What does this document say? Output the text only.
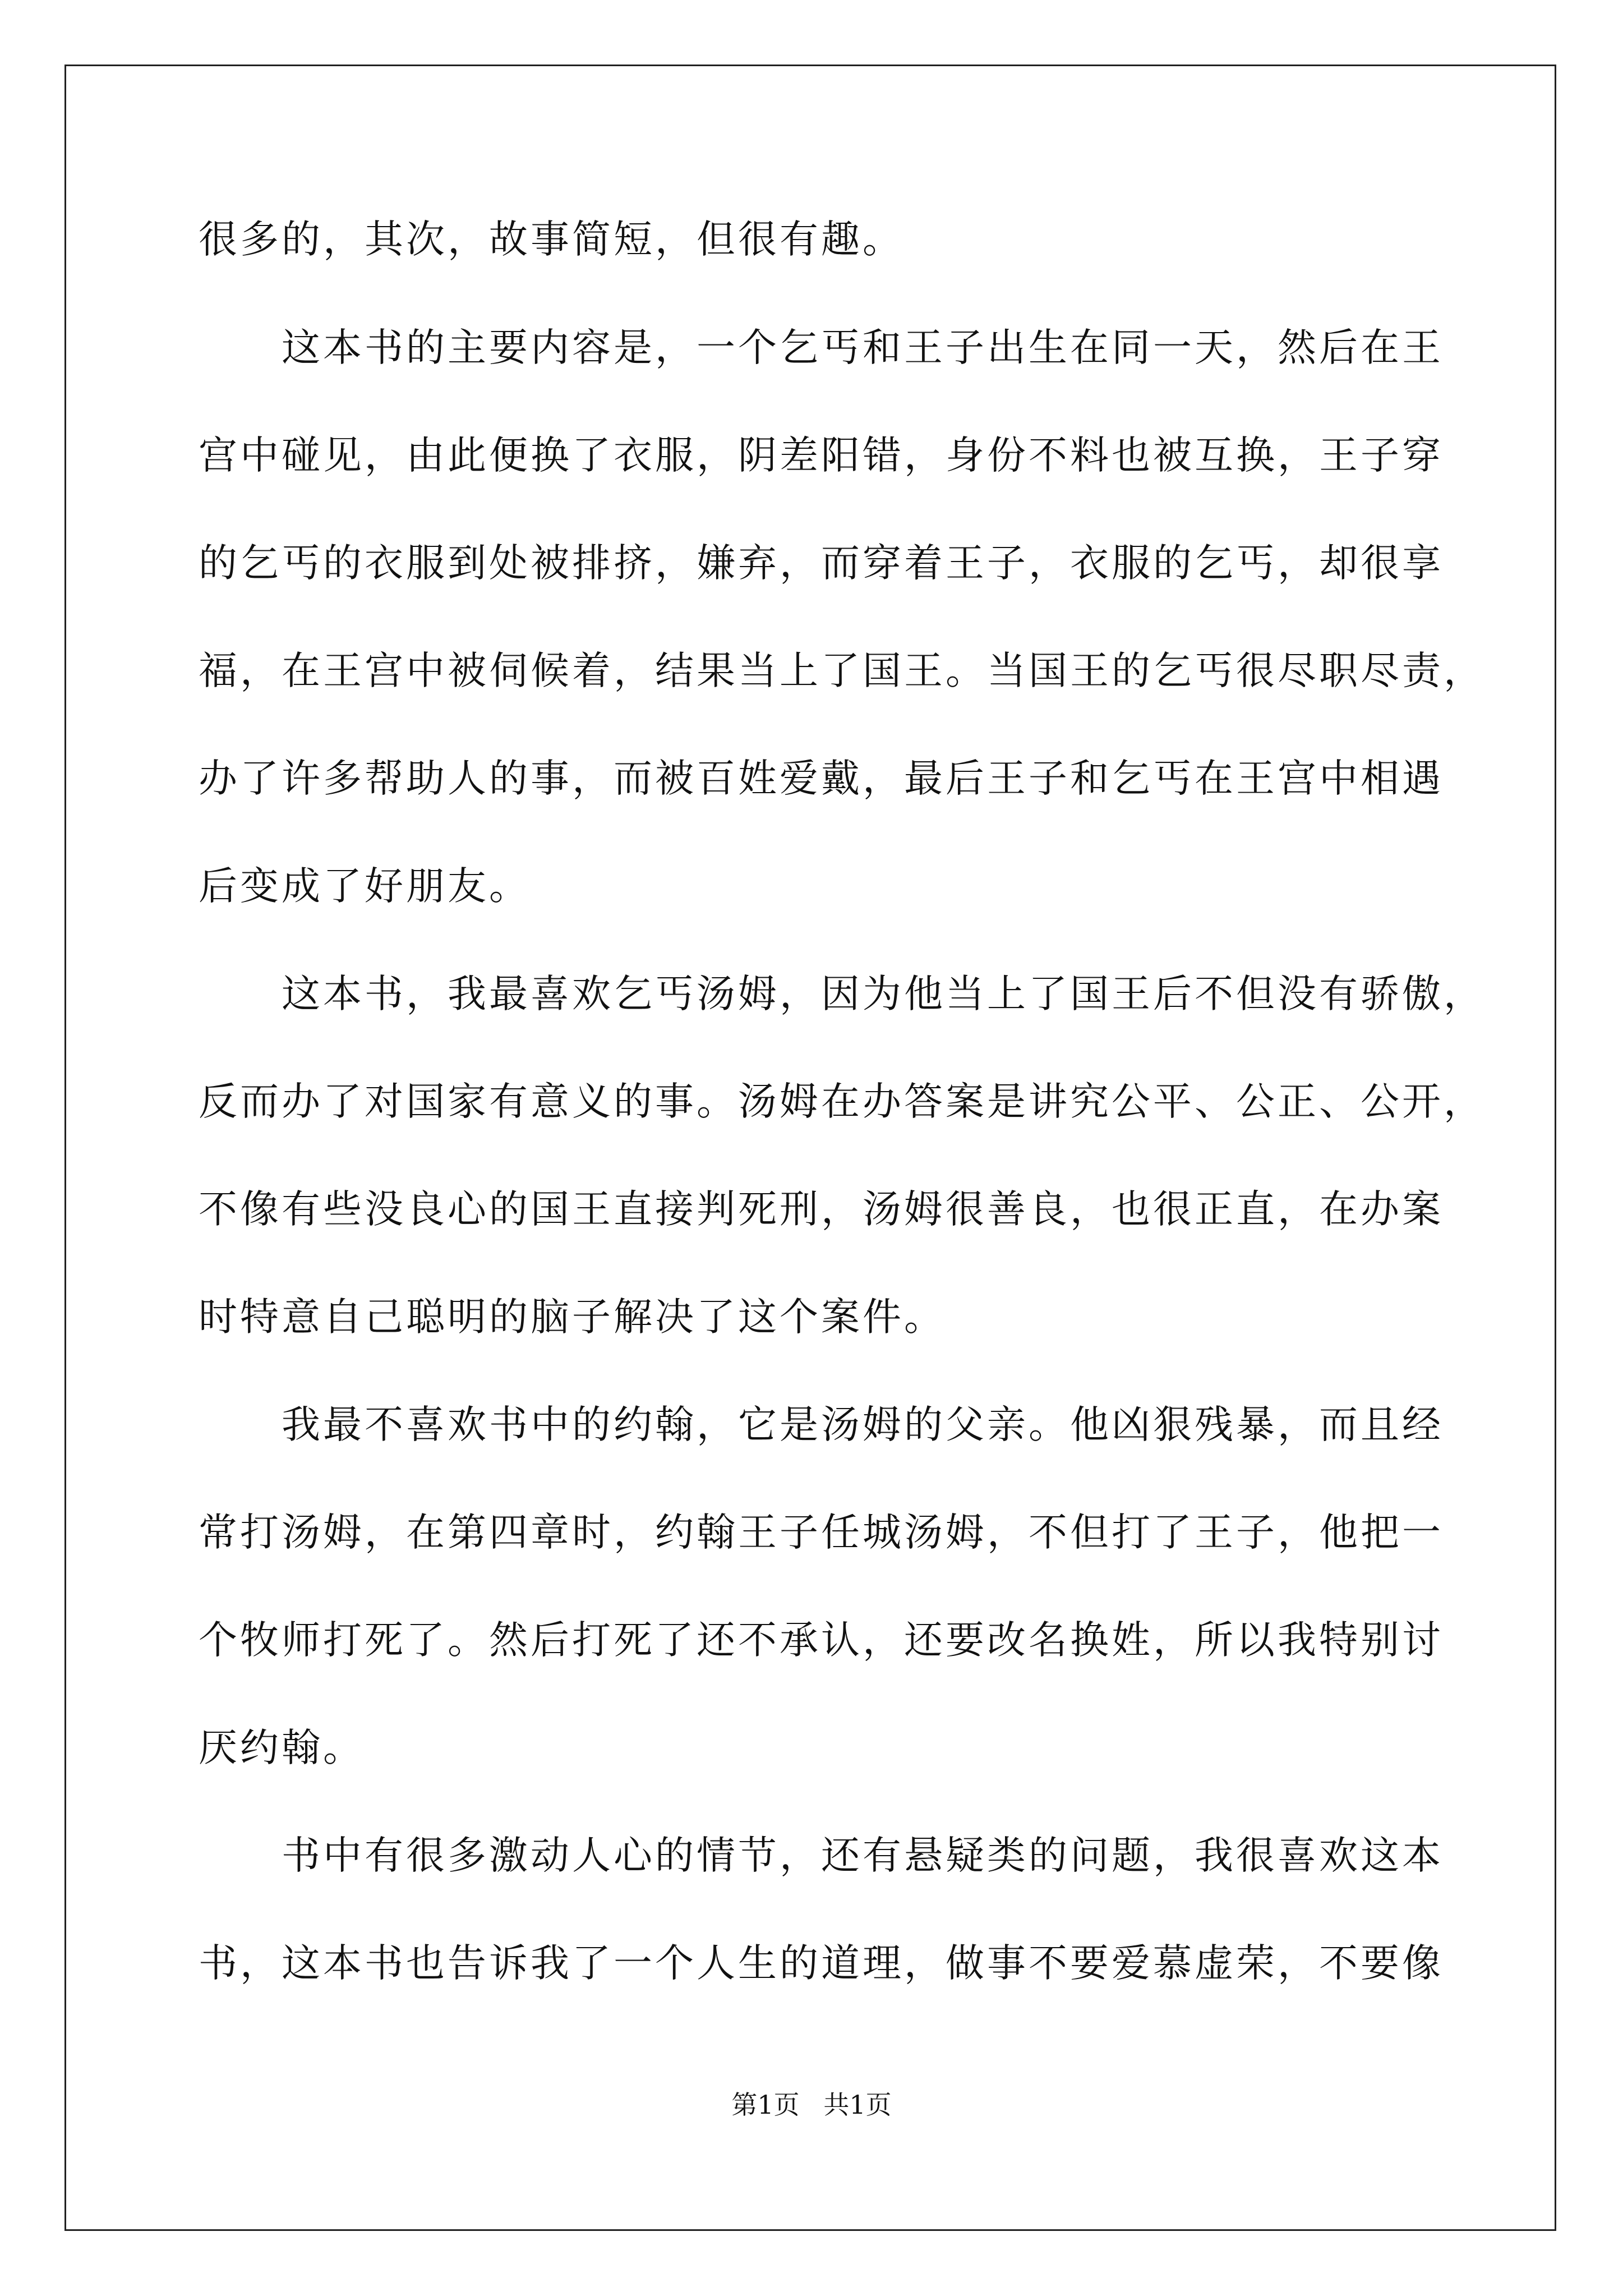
很多的，其次，故事简短，但很有趣。
这本书的主要内容是，一个乞丐和王子出生在同一天，然后在王
宫中碰见，由此便换了衣服，阴差阳错，身份不料也被互换，王子穿
的乞丐的衣服到处被排挤，嫌弃，而穿着王子，衣服的乞丐，却很享
福，在王宫中被伺候着，结果当上了国王。当国王的乞丐很尽职尽责，
办了许多帮助人的事，而被百姓爱戴，最后王子和乞丐在王宫中相遇
后变成了好朋友。
这本书，我最喜欢乞丐汤姆，因为他当上了国王后不但没有骄傲，
反而办了对国家有意义的事。汤姆在办答案是讲究公平、公正、公开，
不像有些没良心的国王直接判死刑，汤姆很善良，也很正直，在办案
时特意自己聪明的脑子解决了这个案件。
我最不喜欢书中的约翰，它是汤姆的父亲。他凶狠残暴，而且经
常打汤姆，在第四章时，约翰王子任城汤姆，不但打了王子，他把一
个牧师打死了。然后打死了还不承认，还要改名换姓，所以我特别讨
厌约翰。
书中有很多激动人心的情节，还有悬疑类的问题，我很喜欢这本
书，这本书也告诉我了一个人生的道理，做事不要爱慕虚荣，不要像
第1页 共1页
